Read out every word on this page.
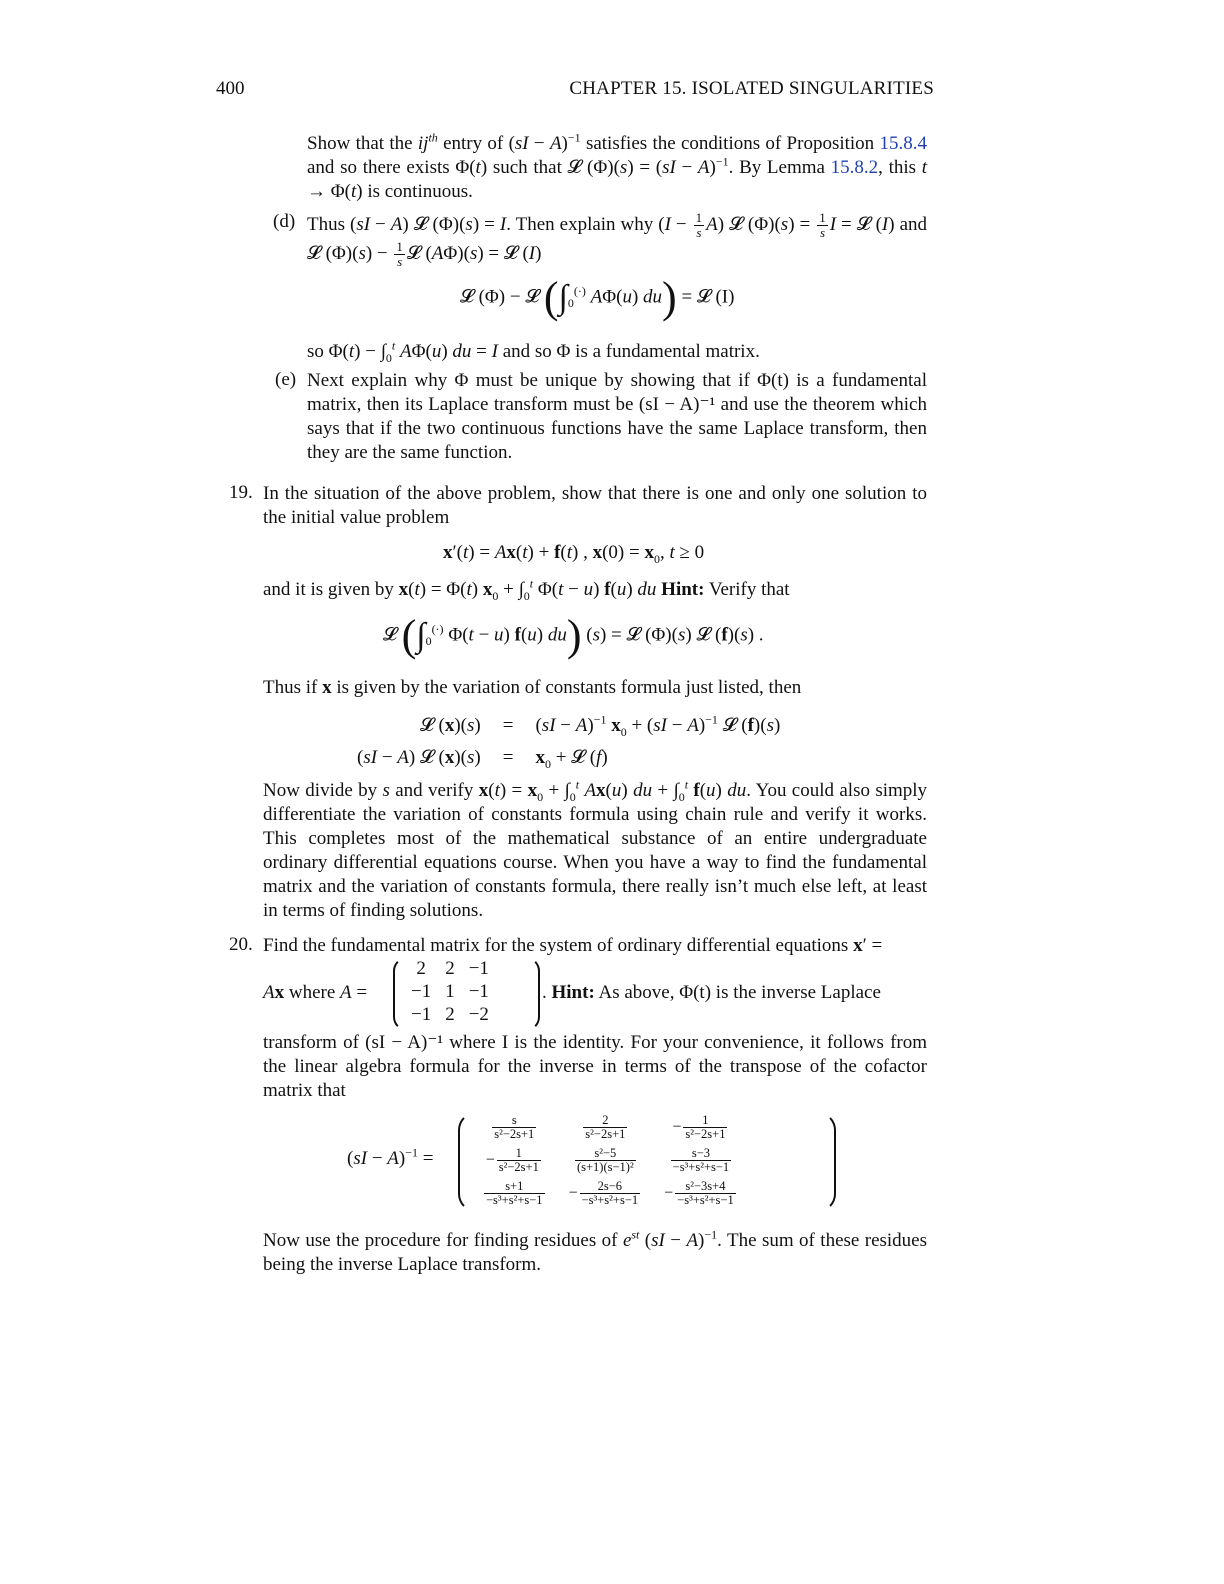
400	CHAPTER 15. ISOLATED SINGULARITIES
Show that the $ij^{th}$ entry of (sI − A)$^{-1}$ satisfies the conditions of Proposition 15.8.4 and so there exists Φ(t) such that 𝓛 (Φ)(s) = (sI − A)$^{-1}$. By Lemma 15.8.2, this t → Φ(t) is continuous.
(d) Thus (sI − A) 𝓛 (Φ)(s) = I. Then explain why $(I - \frac{1}{s} A)$ 𝓛 $(\Phi)(s) = \frac{1}{s}$ I = 𝓛 (I) and 𝓛 $(\Phi)(s) - \frac{1}{s}$ 𝓛 (AΦ)(s) = 𝓛 (I)
𝓛 (Φ) − 𝓛 ($\int_0^{(\cdot)}$ AΦ(u) du) = 𝓛 (I)
so $\Phi(t) - \int_0^t$ AΦ(u) du = I and so Φ is a fundamental matrix.
(e) Next explain why Φ must be unique by showing that if Φ(t) is a fundamental matrix, then its Laplace transform must be (sI − A)⁻¹ and use the theorem which says that if the two continuous functions have the same Laplace transform, then they are the same function.
19. In the situation of the above problem, show that there is one and only one solution to the initial value problem
x′(t) = Ax(t) + f(t) , $x(0) = x_0$, t ≥ 0
and it is given by x(t) = Φ(t) $x_0 + \int_0^t$ Φ(t − u) f(u) du Hint: Verify that
𝓛 ($\int_0^{(\cdot)}$ Φ(t − u) f(u) du) (s) = 𝓛 (Φ)(s) 𝓛 (f)(s) .
Thus if x is given by the variation of constants formula just listed, then
𝓛 (x)(s)	=	(sI − A)$^{-1}$ $x_0 + (sI - A)^{-1}$ 𝓛 (f)(s)
(sI − A) 𝓛 (x)(s)	=	$x_0$ + 𝓛 (f)
Now divide by s and verify $x(t) = x_0 + \int_0^t$ Ax(u) du + $\int_0^t$ f(u) du. You could also simply differentiate the variation of constants formula using chain rule and verify it works. This completes most of the mathematical substance of an entire undergraduate ordinary differential equations course. When you have a way to find the fundamental matrix and the variation of constants formula, there really isn’t much else left, at least in terms of finding solutions.
20. Find the fundamental matrix for the system of ordinary differential equations x′ =
Ax where A =
2	2	−1
−1	1	−1
−1	2	−2
. Hint: As above, Φ(t) is the inverse Laplace
transform of (sI − A)⁻¹ where I is the identity. For your convenience, it follows from the linear algebra formula for the inverse in terms of the transpose of the cofactor matrix that
(sI − A)$^{-1}$ =
$\frac{s}{\text{s²−2s+1}}$	$\frac{2}{\text{s²−2s+1}}$	− $\frac{1}{\text{s²−2s+1}}$

− $\frac{1}{\text{s²−2s+1}}$	$\frac{\text{s²−5}}{\text{(s+1)(s−1)²}}$	$\frac{s-3}{\text{−s³+s²+s−1}}$

$\frac{s+1}{\text{−s³+s²+s−1}}$	− $\frac{2s-6}{\text{−s³+s²+s−1}}$	− $\frac{\text{s²−3s+4}}{\text{−s³+s²+s−1}}$
Now use the procedure for finding residues of $e^{st}$ (sI − A)$^{-1}$. The sum of these residues being the inverse Laplace transform.
